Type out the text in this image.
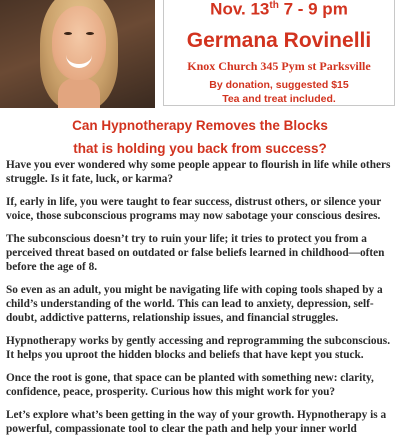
Nov. 13th 7 - 9 pm
Germana Rovinelli
Knox Church 345 Pym st Parksville
By donation, suggested $15
Tea and treat included.
Can Hypnotherapy Removes the Blocks
that is holding you back from success?

Have you ever wondered why some people appear to flourish in life while others struggle. Is it fate, luck, or karma?

If, early in life, you were taught to fear success, distrust others, or silence your voice, those subconscious programs may now sabotage your conscious desires.

The subconscious doesn’t try to ruin your life; it tries to protect you from a perceived threat based on outdated or false beliefs learned in childhood—often before the age of 8.

So even as an adult, you might be navigating life with coping tools shaped by a child’s understanding of the world. This can lead to anxiety, depression, self-doubt, addictive patterns, relationship issues, and financial struggles.

Hypnotherapy works by gently accessing and reprogramming the subconscious. It helps you uproot the hidden blocks and beliefs that have kept you stuck.

Once the root is gone, that space can be planted with something new: clarity, confidence, peace, prosperity. Curious how this might work for you?

Let’s explore what’s been getting in the way of your growth. Hypnotherapy is a powerful, compassionate tool to clear the path and help your inner world
